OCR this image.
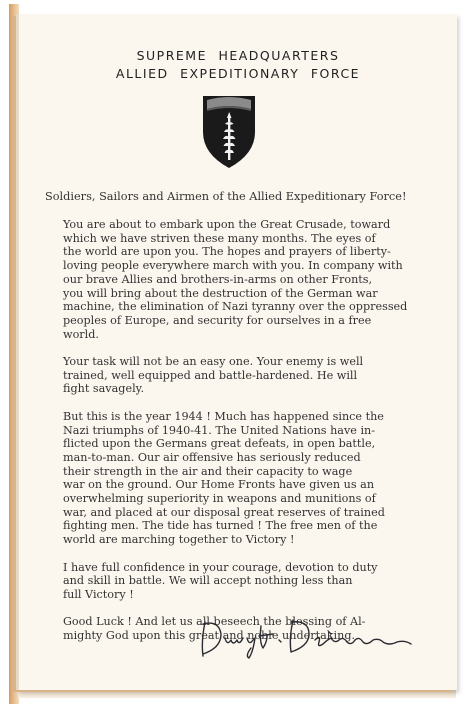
SUPREME HEADQUARTERS
ALLIED EXPEDITIONARY FORCE
Soldiers, Sailors and Airmen of the Allied Expeditionary Force!
You are about to embark upon the Great Crusade, toward
which we have striven these many months. The eyes of
the world are upon you. The hopes and prayers of liberty-
loving people everywhere march with you. In company with
our brave Allies and brothers-in-arms on other Fronts,
you will bring about the destruction of the German war
machine, the elimination of Nazi tyranny over the oppressed
peoples of Europe, and security for ourselves in a free
world.
Your task will not be an easy one. Your enemy is well
trained, well equipped and battle-hardened. He will
fight savagely.
But this is the year 1944 ! Much has happened since the
Nazi triumphs of 1940-41. The United Nations have in-
flicted upon the Germans great defeats, in open battle,
man-to-man. Our air offensive has seriously reduced
their strength in the air and their capacity to wage
war on the ground. Our Home Fronts have given us an
overwhelming superiority in weapons and munitions of
war, and placed at our disposal great reserves of trained
fighting men. The tide has turned ! The free men of the
world are marching together to Victory !
I have full confidence in your courage, devotion to duty
and skill in battle. We will accept nothing less than
full Victory !
Good Luck ! And let us all beseech the blessing of Al-
mighty God upon this great and noble undertaking.
